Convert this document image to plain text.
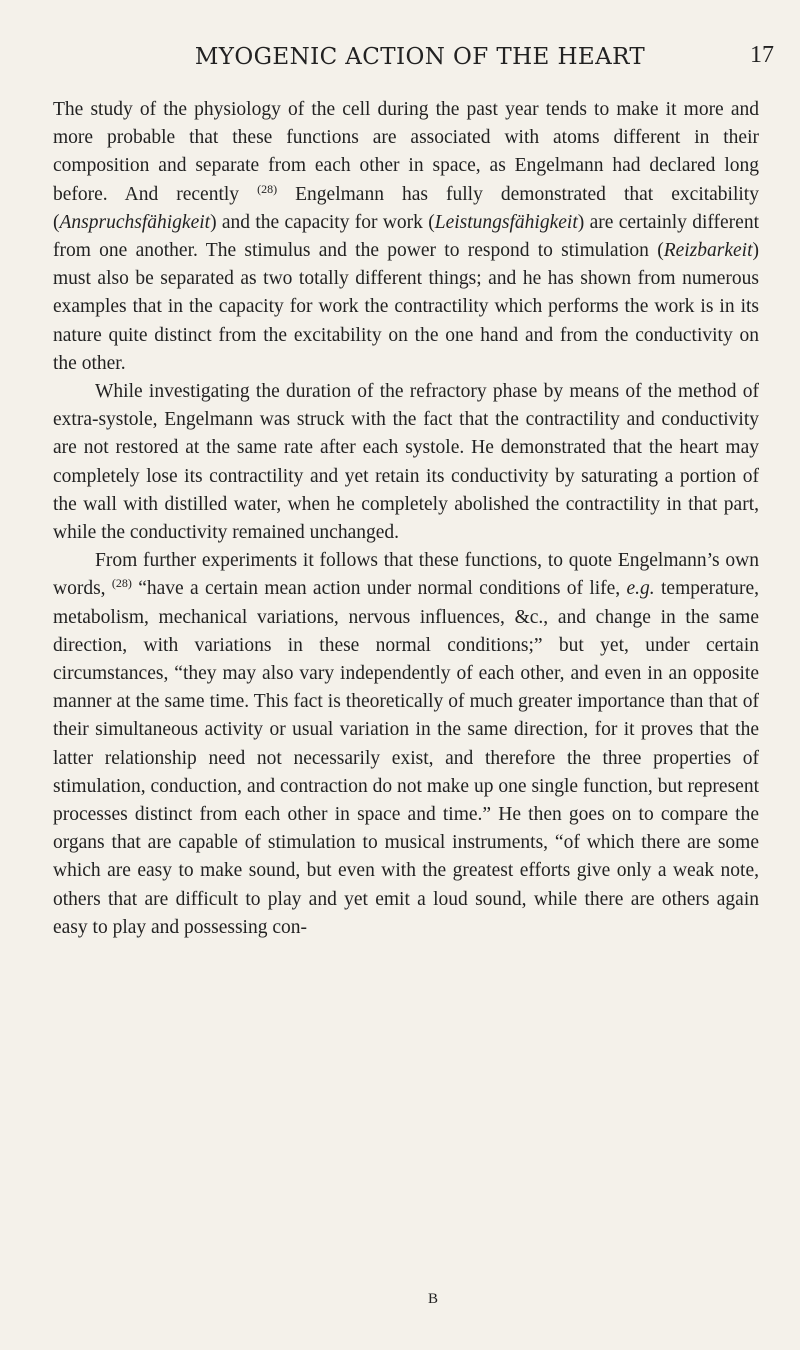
MYOGENIC ACTION OF THE HEART	17

The study of the physiology of the cell during the past year tends to make it more and more probable that these functions are associated with atoms different in their composition and separate from each other in space, as Engelmann had declared long before. And recently $^{(28)}$ Engelmann has fully demonstrated that excitability (Anspruchsfähigkeit) and the capacity for work (Leistungsfähigkeit) are certainly different from one another. The stimulus and the power to respond to stimulation (Reizbarkeit) must also be separated as two totally different things; and he has shown from numerous examples that in the capacity for work the contractility which performs the work is in its nature quite distinct from the excitability on the one hand and from the conductivity on the other.

While investigating the duration of the refractory phase by means of the method of extra-systole, Engelmann was struck with the fact that the contractility and conductivity are not restored at the same rate after each systole. He demonstrated that the heart may completely lose its contractility and yet retain its conductivity by saturating a portion of the wall with distilled water, when he completely abolished the contractility in that part, while the conductivity remained unchanged.

From further experiments it follows that these functions, to quote Engelmann’s own words, $^{(28)}$ “have a certain mean action under normal conditions of life, e.g. temperature, metabolism, mechanical variations, nervous influences, &c., and change in the same direction, with variations in these normal conditions;” but yet, under certain circumstances, “they may also vary independently of each other, and even in an opposite manner at the same time. This fact is theoretically of much greater importance than that of their simultaneous activity or usual variation in the same direction, for it proves that the latter relationship need not necessarily exist, and therefore the three properties of stimulation, conduction, and contraction do not make up one single function, but represent processes distinct from each other in space and time.” He then goes on to compare the organs that are capable of stimulation to musical instruments, “of which there are some which are easy to make sound, but even with the greatest efforts give only a weak note, others that are difficult to play and yet emit a loud sound, while there are others again easy to play and possessing con-

B
